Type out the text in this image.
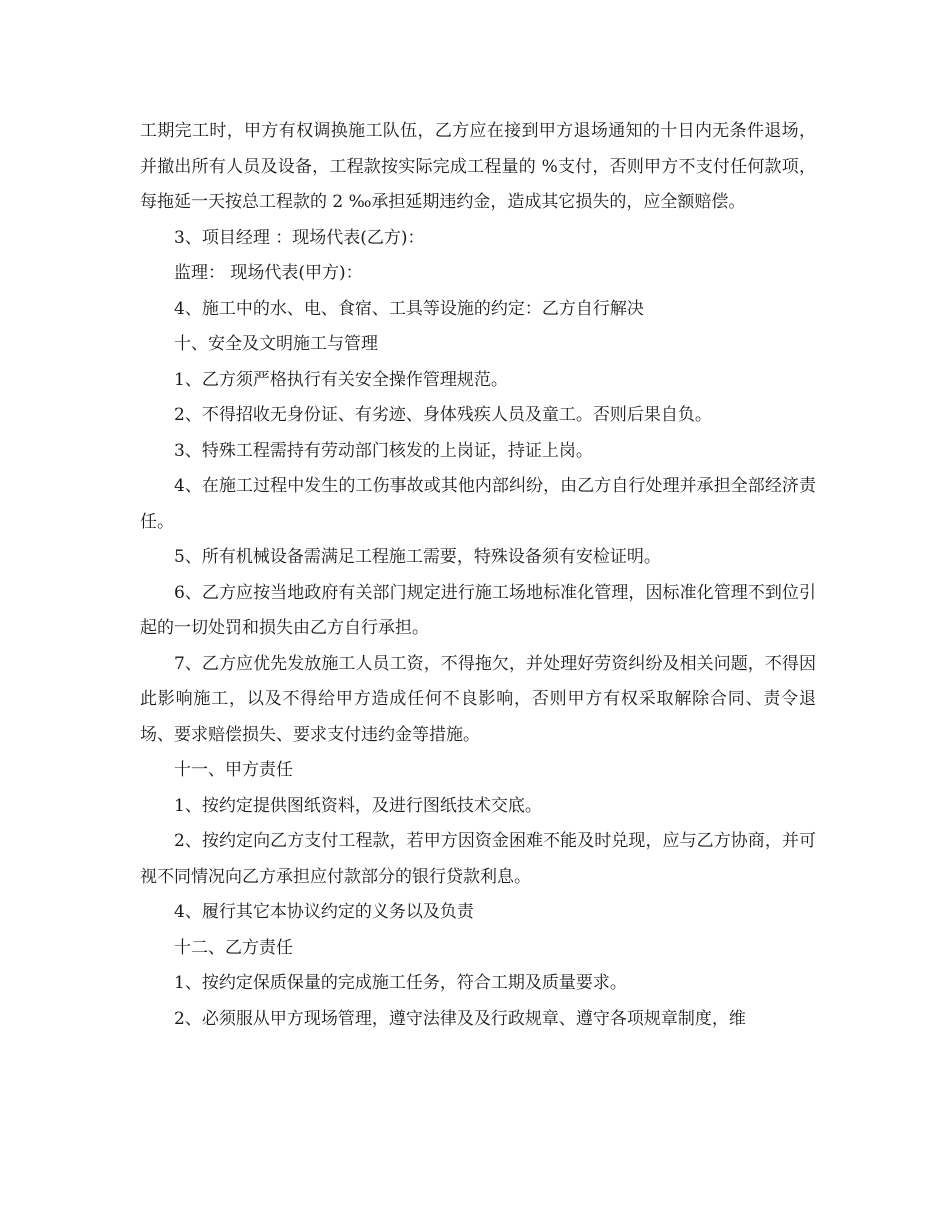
工期完工时，甲方有权调换施工队伍，乙方应在接到甲方退场通知的十日内无条件退场，并撤出所有人员及设备，工程款按实际完成工程量的 %支付，否则甲方不支付任何款项，每拖延一天按总工程款的 2 ‰承担延期违约金，造成其它损失的，应全额赔偿。

3、项目经理 ：现场代表(乙方)：

监理： 现场代表(甲方)：

4、施工中的水、电、食宿、工具等设施的约定：乙方自行解决

十、安全及文明施工与管理

1、乙方须严格执行有关安全操作管理规范。

2、不得招收无身份证、有劣迹、身体残疾人员及童工。否则后果自负。

3、特殊工程需持有劳动部门核发的上岗证，持证上岗。

4、在施工过程中发生的工伤事故或其他内部纠纷，由乙方自行处理并承担全部经济责任。

5、所有机械设备需满足工程施工需要，特殊设备须有安检证明。

6、乙方应按当地政府有关部门规定进行施工场地标准化管理，因标准化管理不到位引起的一切处罚和损失由乙方自行承担。

7、乙方应优先发放施工人员工资，不得拖欠，并处理好劳资纠纷及相关问题，不得因此影响施工，以及不得给甲方造成任何不良影响，否则甲方有权采取解除合同、责令退场、要求赔偿损失、要求支付违约金等措施。

十一、甲方责任

1、按约定提供图纸资料，及进行图纸技术交底。

2、按约定向乙方支付工程款，若甲方因资金困难不能及时兑现，应与乙方协商，并可视不同情况向乙方承担应付款部分的银行贷款利息。

4、履行其它本协议约定的义务以及负责

十二、乙方责任

1、按约定保质保量的完成施工任务，符合工期及质量要求。

2、必须服从甲方现场管理，遵守法律及及行政规章、遵守各项规章制度，维
